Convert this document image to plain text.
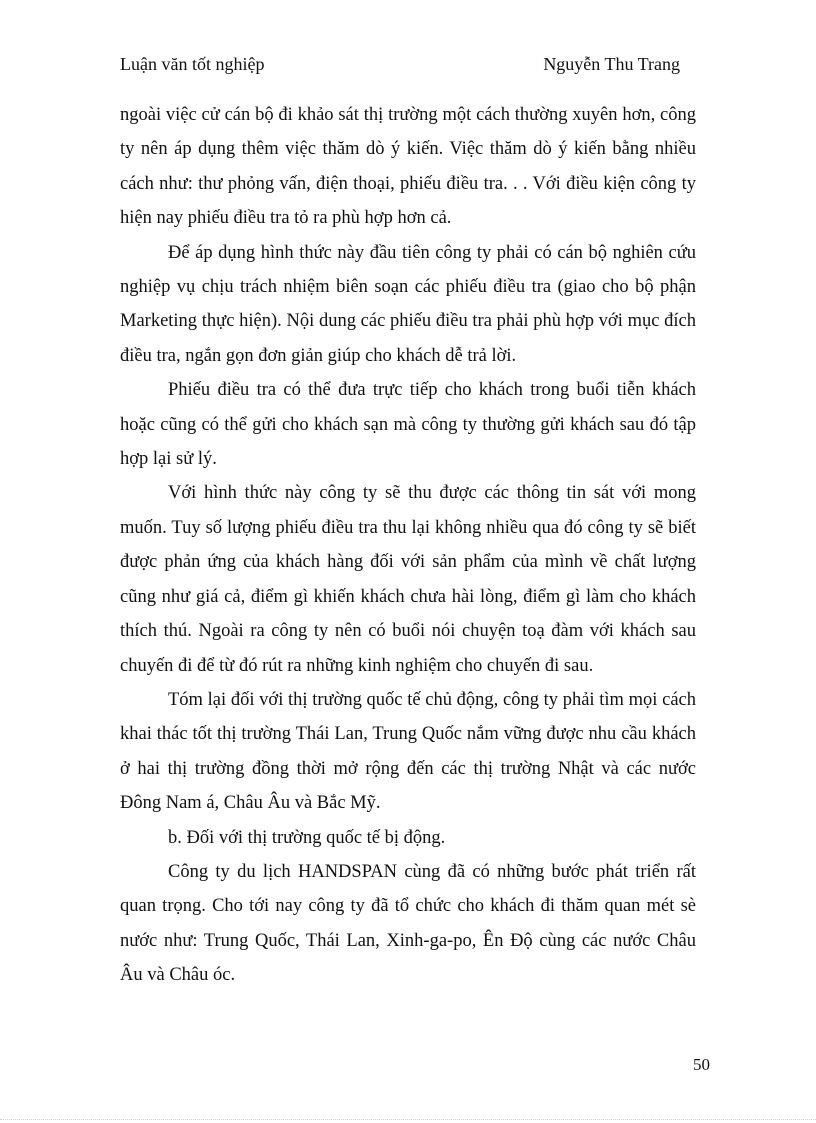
Luận văn tốt nghiệp	Nguyễn Thu Trang

ngoài việc cử cán bộ đi khảo sát thị trường một cách thường xuyên hơn, công ty nên áp dụng thêm việc thăm dò ý kiến. Việc thăm dò ý kiến bằng nhiều cách như: thư phỏng vấn, điện thoại, phiếu điều tra. . . Với điều kiện công ty hiện nay phiếu điều tra tỏ ra phù hợp hơn cả.

Để áp dụng hình thức này đầu tiên công ty phải có cán bộ nghiên cứu nghiệp vụ chịu trách nhiệm biên soạn các phiếu điều tra (giao cho bộ phận Marketing thực hiện). Nội dung các phiếu điều tra phải phù hợp với mục đích điều tra, ngắn gọn đơn giản giúp cho khách dễ trả lời.

Phiếu điều tra có thể đưa trực tiếp cho khách trong buổi tiễn khách hoặc cũng có thể gửi cho khách sạn mà công ty thường gửi khách sau đó tập hợp lại sử lý.

Với hình thức này công ty sẽ thu được các thông tin sát với mong muốn. Tuy số lượng phiếu điều tra thu lại không nhiều qua đó công ty sẽ biết được phản ứng của khách hàng đối với sản phẩm của mình về chất lượng cũng như giá cả, điểm gì khiến khách chưa hài lòng, điểm gì làm cho khách thích thú. Ngoài ra công ty nên có buổi nói chuyện toạ đàm với khách sau chuyến đi để từ đó rút ra những kinh nghiệm cho chuyến đi sau.

Tóm lại đối với thị trường quốc tế chủ động, công ty phải tìm mọi cách khai thác tốt thị trường Thái Lan, Trung Quốc nắm vững được nhu cầu khách ở hai thị trường đồng thời mở rộng đến các thị trường Nhật và các nước Đông Nam á, Châu Âu và Bắc Mỹ.

b. Đối với thị trường quốc tế bị động.

Công ty du lịch HANDSPAN cùng đã có những bước phát triển rất quan trọng. Cho tới nay công ty đã tổ chức cho khách đi thăm quan mét sè nước như: Trung Quốc, Thái Lan, Xinh-ga-po, Ên Độ cùng các nước Châu Âu và Châu óc.

50
